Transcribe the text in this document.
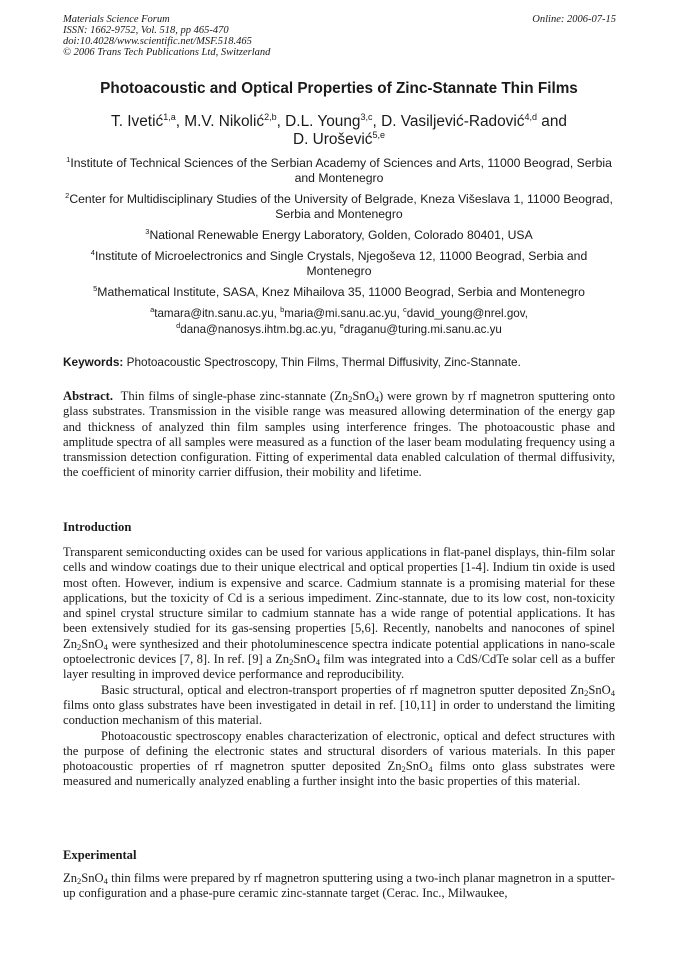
Materials Science Forum
ISSN: 1662-9752, Vol. 518, pp 465-470
doi:10.4028/www.scientific.net/MSF.518.465
© 2006 Trans Tech Publications Ltd, Switzerland
Online: 2006-07-15
Photoacoustic and Optical Properties of Zinc-Stannate Thin Films
T. Ivetić$^{1,a}$, M.V. Nikolić$^{2,b}$, D.L. Young$^{3,c}$, D. Vasiljević-Radović$^{4,d}$ and
D. Urošević$^{5,e}$
$^1$Institute of Technical Sciences of the Serbian Academy of Sciences and Arts, 11000 Beograd, Serbia and Montenegro
$^2$Center for Multidisciplinary Studies of the University of Belgrade, Kneza Višeslava 1, 11000 Beograd, Serbia and Montenegro
$^3$National Renewable Energy Laboratory, Golden, Colorado 80401, USA
$^4$Institute of Microelectronics and Single Crystals, Njegoševa 12, 11000 Beograd, Serbia and Montenegro
$^5$Mathematical Institute, SASA, Knez Mihailova 35, 11000 Beograd, Serbia and Montenegro
$^a$tamara@itn.sanu.ac.yu, $^b$maria@mi.sanu.ac.yu, $^c$david_young@nrel.gov,
$^d$dana@nanosys.ihtm.bg.ac.yu, $^e$draganu@turing.mi.sanu.ac.yu
Keywords: Photoacoustic Spectroscopy, Thin Films, Thermal Diffusivity, Zinc-Stannate.
Abstract. Thin films of single-phase zinc-stannate $(Zn_2SnO_4)$ were grown by rf magnetron sputtering onto glass substrates. Transmission in the visible range was measured allowing determination of the energy gap and thickness of analyzed thin film samples using interference fringes. The photoacoustic phase and amplitude spectra of all samples were measured as a function of the laser beam modulating frequency using a transmission detection configuration. Fitting of experimental data enabled calculation of thermal diffusivity, the coefficient of minority carrier diffusion, their mobility and lifetime.
Introduction

Transparent semiconducting oxides can be used for various applications in flat-panel displays, thin-film solar cells and window coatings due to their unique electrical and optical properties [1-4]. Indium tin oxide is used most often. However, indium is expensive and scarce. Cadmium stannate is a promising material for these applications, but the toxicity of Cd is a serious impediment. Zinc-stannate, due to its low cost, non-toxicity and spinel crystal structure similar to cadmium stannate has a wide range of potential applications. It has been extensively studied for its gas-sensing properties [5,6]. Recently, nanobelts and nanocones of spinel $Zn_2SnO_4$ were synthesized and their photoluminescence spectra indicate potential applications in nano-scale optoelectronic devices [7, 8]. In ref. [9] a $Zn_2SnO_4$ film was integrated into a CdS/CdTe solar cell as a buffer layer resulting in improved device performance and reproducibility.

Basic structural, optical and electron-transport properties of rf magnetron sputter deposited $Zn_2SnO_4$ films onto glass substrates have been investigated in detail in ref. [10,11] in order to understand the limiting conduction mechanism of this material.

Photoacoustic spectroscopy enables characterization of electronic, optical and defect structures with the purpose of defining the electronic states and structural disorders of various materials. In this paper photoacoustic properties of rf magnetron sputter deposited $Zn_2SnO_4$ films onto glass substrates were measured and numerically analyzed enabling a further insight into the basic properties of this material.

Experimental

$Zn_2SnO_4$ thin films were prepared by rf magnetron sputtering using a two-inch planar magnetron in a sputter-up configuration and a phase-pure ceramic zinc-stannate target (Cerac. Inc., Milwaukee,
